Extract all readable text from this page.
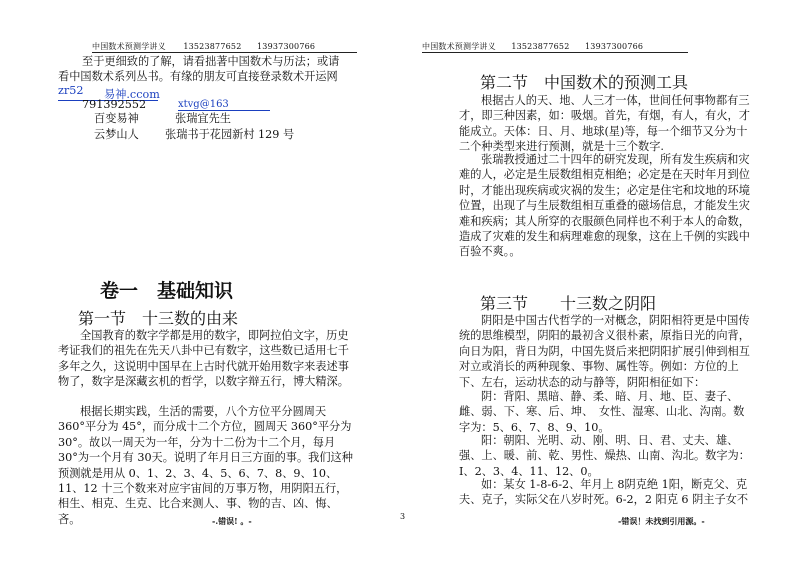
中国数术预测学讲义 13523877652 13937300766
至于更细致的了解，请看拙著中国数术与历法；或请
看中国数术系列丛书。有缘的朋友可直接登录数术开运网
zr52 易神.ccom
791392552	xtvg@163
百变易神	张瑞宜先生
云梦山人 张瑞书于花园新村 129 号
卷一　基础知识
第一节　十三数的由来
全国教育的数字学都是用的数字，即阿拉伯文字，历史考证我们的祖先在先天八卦中已有数字，这些数已适用七千多年之久，这说明中国早在上古时代就开始用数字来表述事物了，数字是深藏玄机的哲学，以数字辩五行，博大精深。
根据长期实践，生活的需要，八个方位平分圆周天 360°平分为 45°，而分成十二个方位，圆周天 360°平分为 30°。故以一周天为一年，分为十二份为十二个月，每月 30°为一个月有 30天。说明了年月日三方面的事。我们这种预测就是用从 0、1、2、3、4、5、6、7、8、9、10、11、12 十三个数来对应宇宙间的万事万物，用阴阳五行，相生、相克、生克、比合来测人、事、物的吉、凶、悔、吝。	-.错误! 。-	3
中国数术预测学讲义 13523877652 13937300766
第二节　中国数术的预测工具
根据古人的天、地、人三才一体，世间任何事物都有三才，即三种因素，如：吸烟。首先，有烟，有人，有火，才能成立。天体：日、月、地球(星)等，每一个细节又分为十二个种类型来进行预测，就是十三个数字.
张瑞教授通过二十四年的研究发现，所有发生疾病和灾难的人，必定是生辰数组相克相绝；必定是在天时年月到位时，才能出现疾病或灾祸的发生；必定是住宅和坟地的环境位置，出现了与生辰数组相互重叠的磁场信息，才能发生灾难和疾病；其人所穿的衣服颜色同样也不利于本人的命数，造成了灾难的发生和病理难愈的现象，这在上千例的实践中百验不爽。。
第三节　　十三数之阴阳
阴阳是中国古代哲学的一对概念，阴阳相符更是中国传统的思维模型，阴阳的最初含义很朴素，原指日光的向背，向日为阳，背日为阴，中国先贤后来把阴阳扩展引伸到相互对立或消长的两种现象、事物、属性等。例如：方位的上下、左右，运动状态的动与静等，阴阳相征如下：
阴：背阳、黑暗、静、柔、暗、月、地、臣、妻子、雌、弱、下、寒、后、坤、　女性、湿寒、山北、沟南。数字为：5、6、7、8、9、10。
阳：朝阳、光明、动、刚、明、日、君、丈夫、雄、强、上、暖、前、乾、男性、燥热、山南、沟北。数字为：I、2、3、4、11、12、0。
如：某女 1-8-6-2、年月上 8阴克绝 1阳，断克父、克夫、克子，实际父在八岁时死。6-2，2 阳克 6 阴主子女不
-错误！未找到引用源。-
